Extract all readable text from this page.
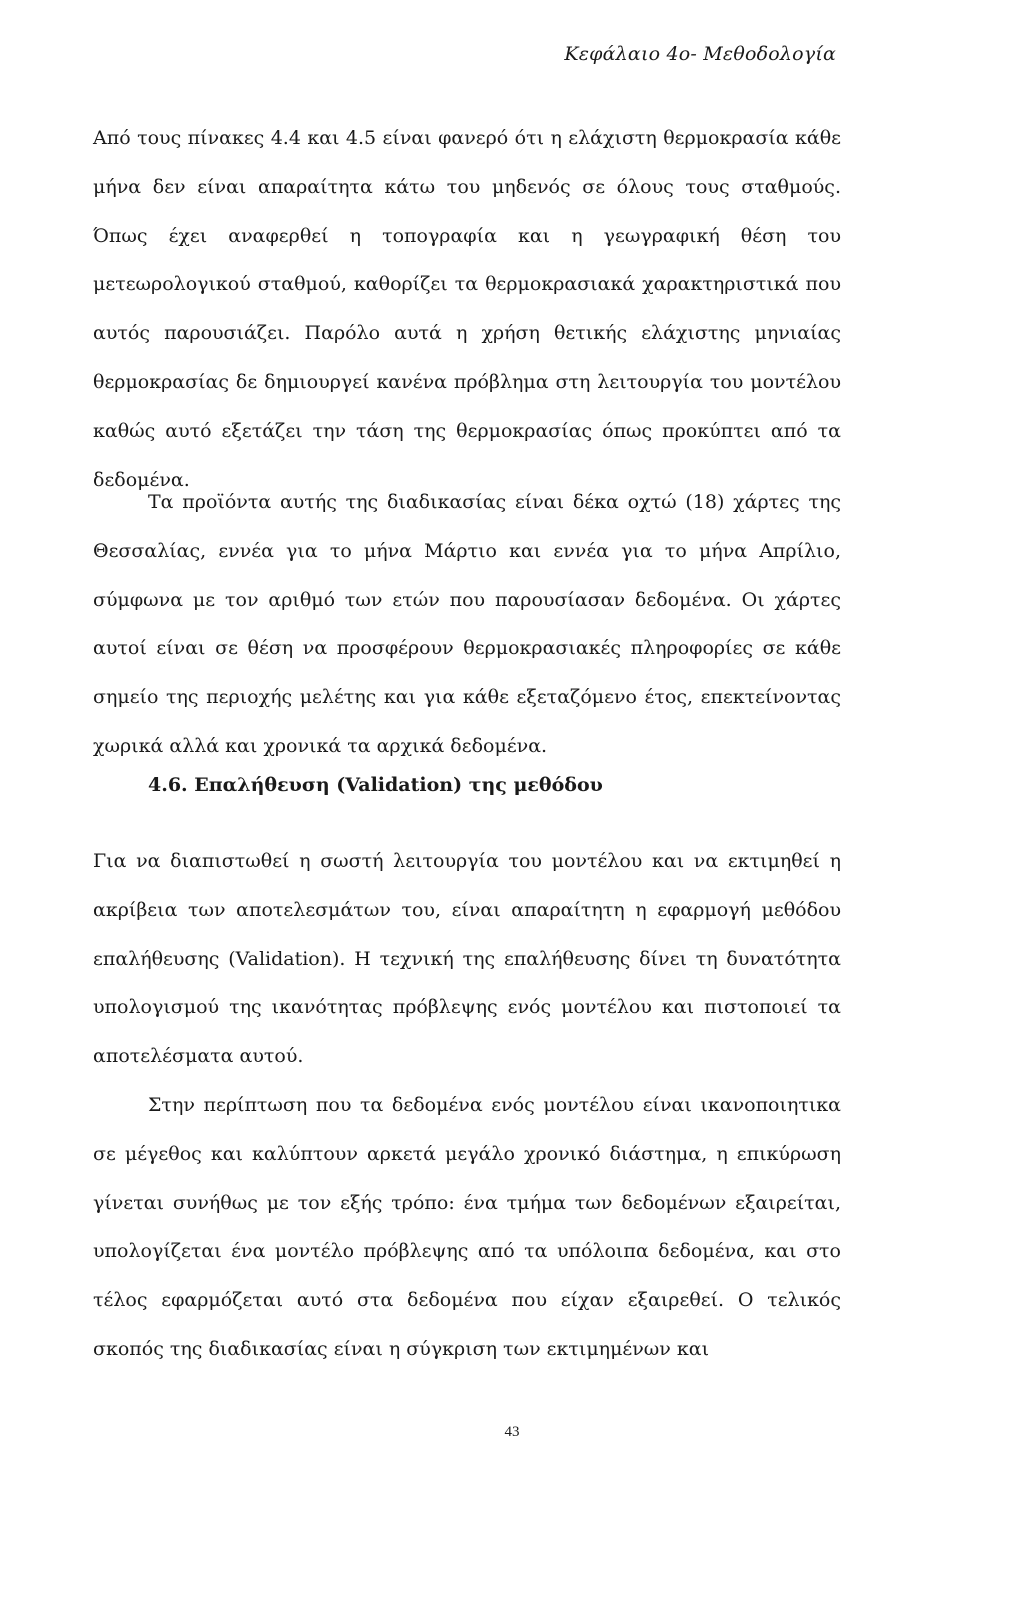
Κεφάλαιο 4ο- Μεθοδολογία

Από τους πίνακες 4.4 και 4.5 είναι φανερό ότι η ελάχιστη θερμοκρασία κάθε μήνα δεν είναι απαραίτητα κάτω του μηδενός σε όλους τους σταθμούς. Όπως έχει αναφερθεί η τοπογραφία και η γεωγραφική θέση του μετεωρολογικού σταθμού, καθορίζει τα θερμοκρασιακά χαρακτηριστικά που αυτός παρουσιάζει. Παρόλο αυτά η χρήση θετικής ελάχιστης μηνιαίας θερμοκρασίας δε δημιουργεί κανένα πρόβλημα στη λειτουργία του μοντέλου καθώς αυτό εξετάζει την τάση της θερμοκρασίας όπως προκύπτει από τα δεδομένα.

Τα προϊόντα αυτής της διαδικασίας είναι δέκα οχτώ (18) χάρτες της Θεσσαλίας, εννέα για το μήνα Μάρτιο και εννέα για το μήνα Απρίλιο, σύμφωνα με τον αριθμό των ετών που παρουσίασαν δεδομένα. Οι χάρτες αυτοί είναι σε θέση να προσφέρουν θερμοκρασιακές πληροφορίες σε κάθε σημείο της περιοχής μελέτης και για κάθε εξεταζόμενο έτος, επεκτείνοντας χωρικά αλλά και χρονικά τα αρχικά δεδομένα.

4.6. Επαλήθευση (Validation) της μεθόδου

Για να διαπιστωθεί η σωστή λειτουργία του μοντέλου και να εκτιμηθεί η ακρίβεια των αποτελεσμάτων του, είναι απαραίτητη η εφαρμογή μεθόδου επαλήθευσης (Validation). Η τεχνική της επαλήθευσης δίνει τη δυνατότητα υπολογισμού της ικανότητας πρόβλεψης ενός μοντέλου και πιστοποιεί τα αποτελέσματα αυτού.

Στην περίπτωση που τα δεδομένα ενός μοντέλου είναι ικανοποιητικα σε μέγεθος και καλύπτουν αρκετά μεγάλο χρονικό διάστημα, η επικύρωση γίνεται συνήθως με τον εξής τρόπο: ένα τμήμα των δεδομένων εξαιρείται, υπολογίζεται ένα μοντέλο πρόβλεψης από τα υπόλοιπα δεδομένα, και στο τέλος εφαρμόζεται αυτό στα δεδομένα που είχαν εξαιρεθεί. Ο τελικός σκοπός της διαδικασίας είναι η σύγκριση των εκτιμημένων και

43
